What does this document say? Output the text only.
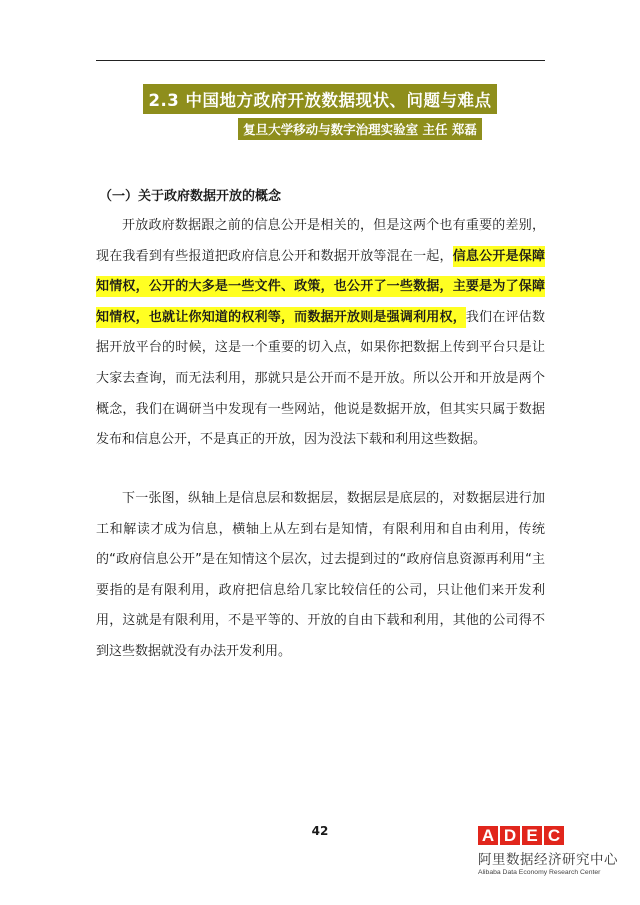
2.3 中国地方政府开放数据现状、问题与难点
复旦大学移动与数字治理实验室 主任 郑磊
（一）关于政府数据开放的概念

开放政府数据跟之前的信息公开是相关的，但是这两个也有重要的差别，现在我看到有些报道把政府信息公开和数据开放等混在一起，信息公开是保障知情权，公开的大多是一些文件、政策，也公开了一些数据，主要是为了保障知情权，也就让你知道的权利等，而数据开放则是强调利用权，我们在评估数据开放平台的时候，这是一个重要的切入点，如果你把数据上传到平台只是让大家去查询，而无法利用，那就只是公开而不是开放。所以公开和开放是两个概念，我们在调研当中发现有一些网站，他说是数据开放，但其实只属于数据发布和信息公开，不是真正的开放，因为没法下载和利用这些数据。

下一张图，纵轴上是信息层和数据层，数据层是底层的，对数据层进行加工和解读才成为信息，横轴上从左到右是知情，有限利用和自由利用，传统的“政府信息公开”是在知情这个层次，过去提到过的“政府信息资源再利用“主要指的是有限利用，政府把信息给几家比较信任的公司，只让他们来开发利用，这就是有限利用，不是平等的、开放的自由下载和利用，其他的公司得不到这些数据就没有办法开发利用。

42	A D E C
阿里数据经济研究中心
Alibaba Data Economy Research Center
